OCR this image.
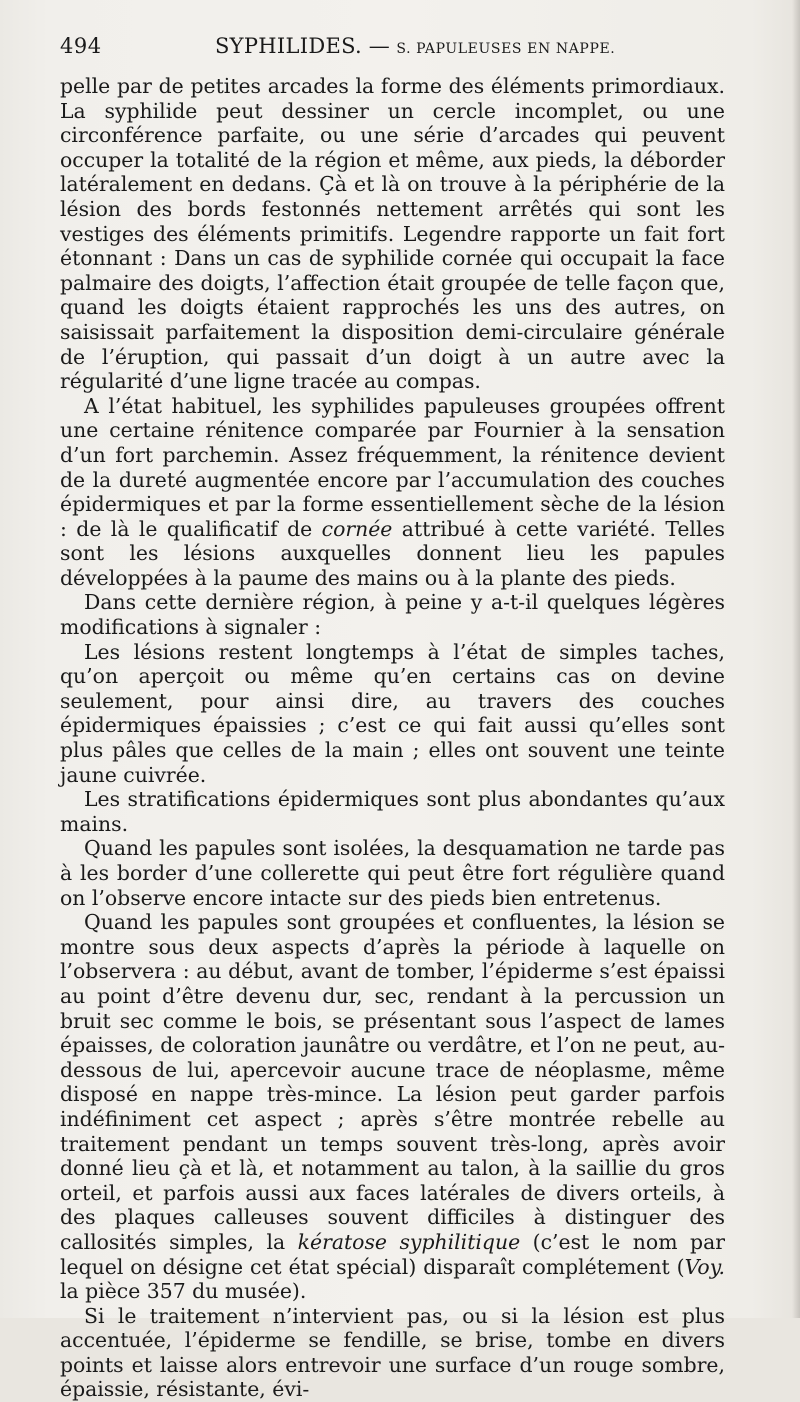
494	SYPHILIDES. — S. PAPULEUSES EN NAPPE.

pelle par de petites arcades la forme des éléments primordiaux. La syphilide peut dessiner un cercle incomplet, ou une circonférence parfaite, ou une série d’arcades qui peuvent occuper la totalité de la région et même, aux pieds, la déborder latéralement en dedans. Çà et là on trouve à la périphérie de la lésion des bords festonnés nettement arrêtés qui sont les vestiges des éléments primitifs. Legendre rapporte un fait fort étonnant : Dans un cas de syphilide cornée qui occupait la face palmaire des doigts, l’affection était groupée de telle façon que, quand les doigts étaient rapprochés les uns des autres, on saisissait parfaitement la disposition demi-circulaire générale de l’éruption, qui passait d’un doigt à un autre avec la régularité d’une ligne tracée au compas.

A l’état habituel, les syphilides papuleuses groupées offrent une certaine rénitence comparée par Fournier à la sensation d’un fort parchemin. Assez fréquemment, la rénitence devient de la dureté augmentée encore par l’accumulation des couches épidermiques et par la forme essentiellement sèche de la lésion : de là le qualificatif de cornée attribué à cette variété. Telles sont les lésions auxquelles donnent lieu les papules développées à la paume des mains ou à la plante des pieds.

Dans cette dernière région, à peine y a-t-il quelques légères modifications à signaler :

Les lésions restent longtemps à l’état de simples taches, qu’on aperçoit ou même qu’en certains cas on devine seulement, pour ainsi dire, au travers des couches épidermiques épaissies ; c’est ce qui fait aussi qu’elles sont plus pâles que celles de la main ; elles ont souvent une teinte jaune cuivrée.

Les stratifications épidermiques sont plus abondantes qu’aux mains.

Quand les papules sont isolées, la desquamation ne tarde pas à les border d’une collerette qui peut être fort régulière quand on l’observe encore intacte sur des pieds bien entretenus.

Quand les papules sont groupées et confluentes, la lésion se montre sous deux aspects d’après la période à laquelle on l’observera : au début, avant de tomber, l’épiderme s’est épaissi au point d’être devenu dur, sec, rendant à la percussion un bruit sec comme le bois, se présentant sous l’aspect de lames épaisses, de coloration jaunâtre ou verdâtre, et l’on ne peut, au-dessous de lui, apercevoir aucune trace de néoplasme, même disposé en nappe très-mince. La lésion peut garder parfois indéfiniment cet aspect ; après s’être montrée rebelle au traitement pendant un temps souvent très-long, après avoir donné lieu çà et là, et notamment au talon, à la saillie du gros orteil, et parfois aussi aux faces latérales de divers orteils, à des plaques calleuses souvent difficiles à distinguer des callosités simples, la kératose syphilitique (c’est le nom par lequel on désigne cet état spécial) disparaît complétement (Voy. la pièce 357 du musée).

Si le traitement n’intervient pas, ou si la lésion est plus accentuée, l’épiderme se fendille, se brise, tombe en divers points et laisse alors entrevoir une surface d’un rouge sombre, épaissie, résistante, évi-
